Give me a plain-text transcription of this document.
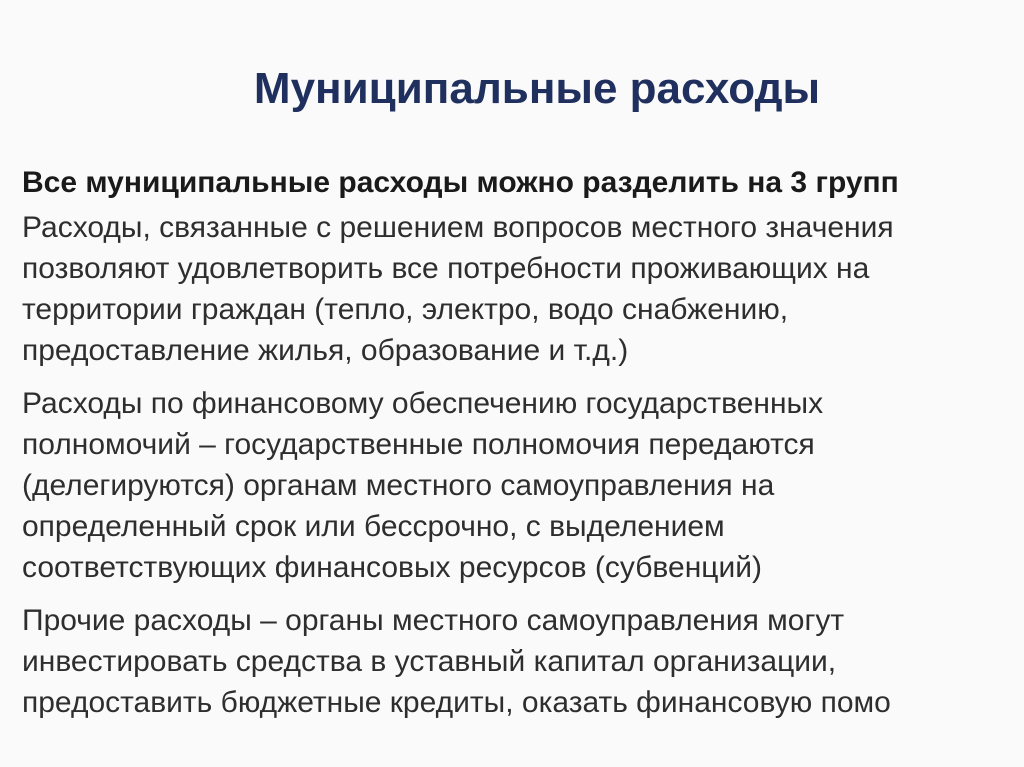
Муниципальные расходы

Все муниципальные расходы можно разделить на 3 групп

Расходы, связанные с решением вопросов местного значения
позволяют удовлетворить все потребности проживающих на
территории граждан (тепло, электро, водо снабжению,
предоставление жилья, образование и т.д.)

Расходы по финансовому обеспечению государственных
полномочий – государственные полномочия передаются
(делегируются) органам местного самоуправления на
определенный срок или бессрочно, с выделением
соответствующих финансовых ресурсов (субвенций)

Прочие расходы – органы местного самоуправления могут
инвестировать средства в уставный капитал организации,
предоставить бюджетные кредиты, оказать финансовую помо
